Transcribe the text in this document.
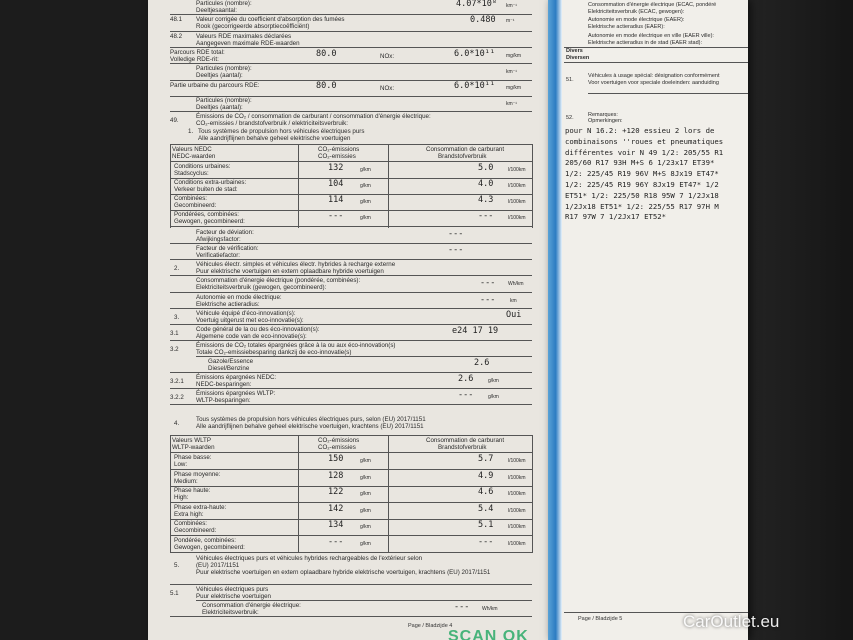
Particules (nombre):
Deeltjesaantal:
4.07*10⁸ km⁻¹
48.1	Valeur corrigée du coefficient d'absorption des fumées
Rook (gecorrigeerde absorptiecoëfficiënt)
0.480 m⁻¹
48.2	Valeurs RDE maximales déclarées
Aangegeven maximale RDE-waarden
Parcours RDE total:
Volledige RDE-rit:
80.0	NOx:	6.0*10¹¹ mg/km
Particules (nombre):
Deeltjes (aantal):	km⁻¹
Partie urbaine du parcours RDE:	80.0	NOx:	6.0*10¹¹ mg/km
Particules (nombre):
Deeltjes (aantal):	km⁻¹
49.
Émissions de CO₂ / consommation de carburant / consommation d'énergie électrique:
CO₂-emissies / brandstofverbruik / elektriciteitsverbruik:
1. Tous systèmes de propulsion hors véhicules électriques purs
Alle aandrijflijnen behalve geheel elektrische voertuigen
Valeurs NEDC
NEDC-waarden
CO₂-émissions
CO₂-emissies
Consommation de carburant
Brandstofverbruik
Conditions urbaines:
Stadscyclus:
132	g/km	5.0	l/100km
Conditions extra-urbaines:
Verkeer buiten de stad:
104	g/km	4.0	l/100km
Combinées:
Gecombineerd:
114	g/km	4.3	l/100km
Pondérées, combinées:
Gewogen, gecombineerd:
---	g/km	---	l/100km
Facteur de déviation:
Afwijkingsfactor:
---
Facteur de vérification:
Verificatiefactor:
---
2.
Véhicules électr. simples et véhicules électr. hybrides à recharge externe
Puur elektrische voertuigen en extern oplaadbare hybride voertuigen
Consommation d'énergie électrique (pondérée, combinées):
Elektriciteitsverbruik (gewogen, gecombineerd):	---	Wh/km
Autonomie en mode électrique:
Elektrische actieradius:	---	km
3.
Véhicule équipé d'éco-innovation(s):
Voertuig uitgerust met eco-innovatie(s):
Oui
3.1
Code général de la ou des éco-innovation(s):
Algemene code van de eco-innovatie(s):
e24 17 19
3.2
Émissions de CO₂ totales épargnées grâce à la ou aux éco-innovation(s)
Totale CO₂-emissiebesparing dankzij de eco-innovatie(s)
Gazole/Essence
Diesel/Benzine
2.6
3.2.1
Émissions épargnées NEDC:
NEDC-besparingen:
2.6	g/km
3.2.2
Émissions épargnées WLTP:
WLTP-besparingen:
---	g/km
4.
Tous systèmes de propulsion hors véhicules électriques purs, selon (EU) 2017/1151
Alle aandrijflijnen behalve geheel elektrische voertuigen, krachtens (EU) 2017/1151
Valeurs WLTP
WLTP-waarden
CO₂-émissions
CO₂-emissies
Consommation de carburant
Brandstofverbruik
Phase basse:
Low:
150	g/km	5.7	l/100km
Phase moyenne:
Medium:
128	g/km	4.9	l/100km
Phase haute:
High:
122	g/km	4.6	l/100km
Phase extra-haute:
Extra high:
142	g/km	5.4	l/100km
Combinées:
Gecombineerd:
134	g/km	5.1	l/100km
Pondérée, combinées:
Gewogen, gecombineerd:
---	g/km	---	l/100km
5.
Véhicules électriques purs et véhicules hybrides rechargeables de l'extérieur selon (EU) 2017/1151
Puur elektrische voertuigen en extern oplaadbare hybride elektrische voertuigen, krachtens (EU) 2017/1151
5.1
Véhicules électriques purs
Puur elektrische voertuigen
Consommation d'énergie électrique:
Elektriciteitsverbruik:
---	Wh/km
Page / Bladzijde 4
SCAN OK
Consommation d'énergie électrique (ECAC, pondéré
Elektriciteitsverbruik (ECAC, gewogen):
Autonomie en mode électrique (EAER):
Elektrische actieradius (EAER):
Autonomie en mode électrique en ville (EAER ville):
Elektrische actieradius in de stad (EAER stad):
Divers
Diversen
51.
Véhicules à usage spécial: désignation conformément
Voor voertuigen voor speciale doeleinden: aanduiding
52.	Remarques:
Opmerkingen:
pour N 16.2: +120 essieu 2 lors de
combinaisons ''roues et pneumatiques
différentes voir N 49 1/2: 205/55 R1
205/60 R17 93H M+S 6 1/23x17 ET39*
1/2: 225/45 R19 96V M+S 8Jx19 ET47*
1/2: 225/45 R19 96Y 8Jx19 ET47* 1/2
ET51* 1/2: 225/50 R18 95W 7 1/2Jx18
1/2Jx18 ET51* 1/2: 225/55 R17 97H M
R17 97W 7 1/2Jx17 ET52*
Page / Bladzijde 5	CarOutlet.eu
